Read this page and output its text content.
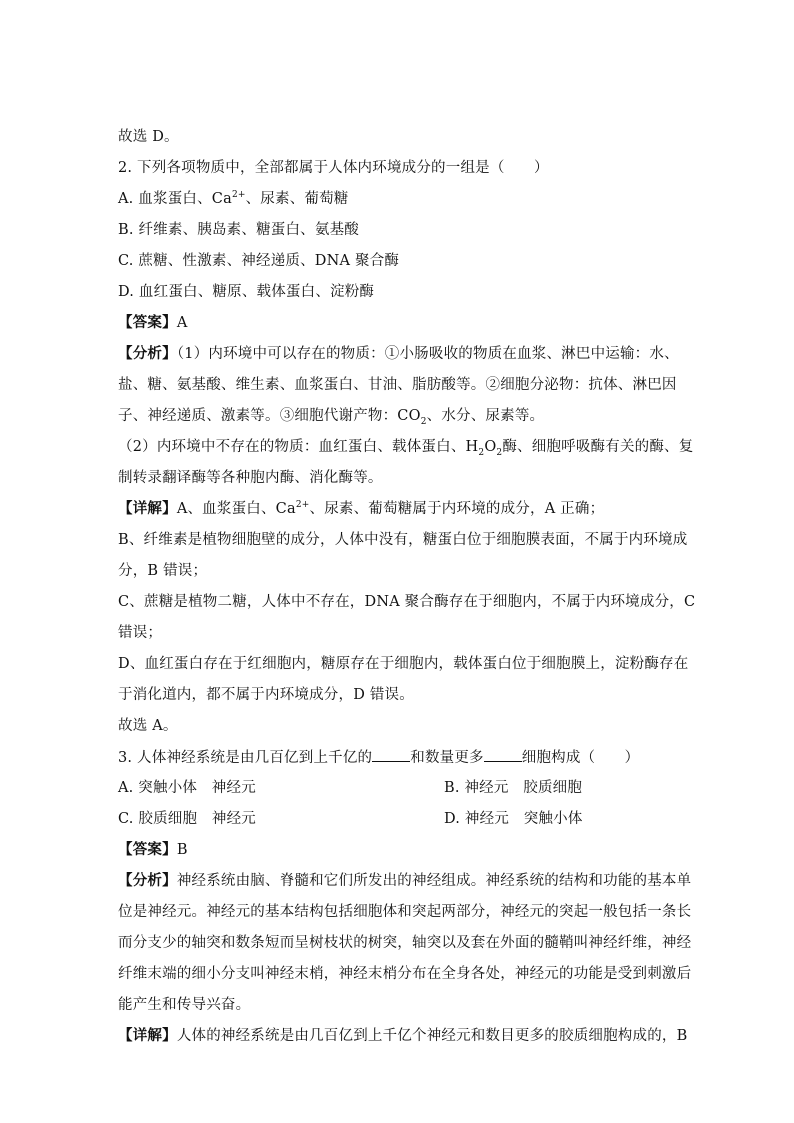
故选 D。
2. 下列各项物质中，全部都属于人体内环境成分的一组是（　　）
A. 血浆蛋白、$Ca^{2+}$、尿素、葡萄糖
B. 纤维素、胰岛素、糖蛋白、氨基酸
C. 蔗糖、性激素、神经递质、DNA 聚合酶
D. 血红蛋白、糖原、载体蛋白、淀粉酶
【答案】A
【分析】（1）内环境中可以存在的物质：①小肠吸收的物质在血浆、淋巴中运输：水、
盐、糖、氨基酸、维生素、血浆蛋白、甘油、脂肪酸等。②细胞分泌物：抗体、淋巴因
子、神经递质、激素等。③细胞代谢产物：$CO_2$、水分、尿素等。
（2）内环境中不存在的物质：血红蛋白、载体蛋白、$H_2O_2$酶、细胞呼吸酶有关的酶、复
制转录翻译酶等各种胞内酶、消化酶等。
【详解】A、血浆蛋白、$Ca^{2+}$、尿素、葡萄糖属于内环境的成分，A 正确；
B、纤维素是植物细胞壁的成分，人体中没有，糖蛋白位于细胞膜表面，不属于内环境成
分，B 错误；
C、蔗糖是植物二糖，人体中不存在，DNA 聚合酶存在于细胞内，不属于内环境成分，C
错误；
D、血红蛋白存在于红细胞内，糖原存在于细胞内，载体蛋白位于细胞膜上，淀粉酶存在
于消化道内，都不属于内环境成分，D 错误。
故选 A。
3. 人体神经系统是由几百亿到上千亿的	和数量更多	细胞构成（　　）
A. 突触小体　神经元	B. 神经元　胶质细胞
C. 胶质细胞　神经元	D. 神经元　突触小体
【答案】B
【分析】神经系统由脑、脊髓和它们所发出的神经组成。神经系统的结构和功能的基本单
位是神经元。神经元的基本结构包括细胞体和突起两部分，神经元的突起一般包括一条长
而分支少的轴突和数条短而呈树枝状的树突，轴突以及套在外面的髓鞘叫神经纤维，神经
纤维末端的细小分支叫神经末梢，神经末梢分布在全身各处，神经元的功能是受到刺激后
能产生和传导兴奋。
【详解】人体的神经系统是由几百亿到上千亿个神经元和数目更多的胶质细胞构成的，B
